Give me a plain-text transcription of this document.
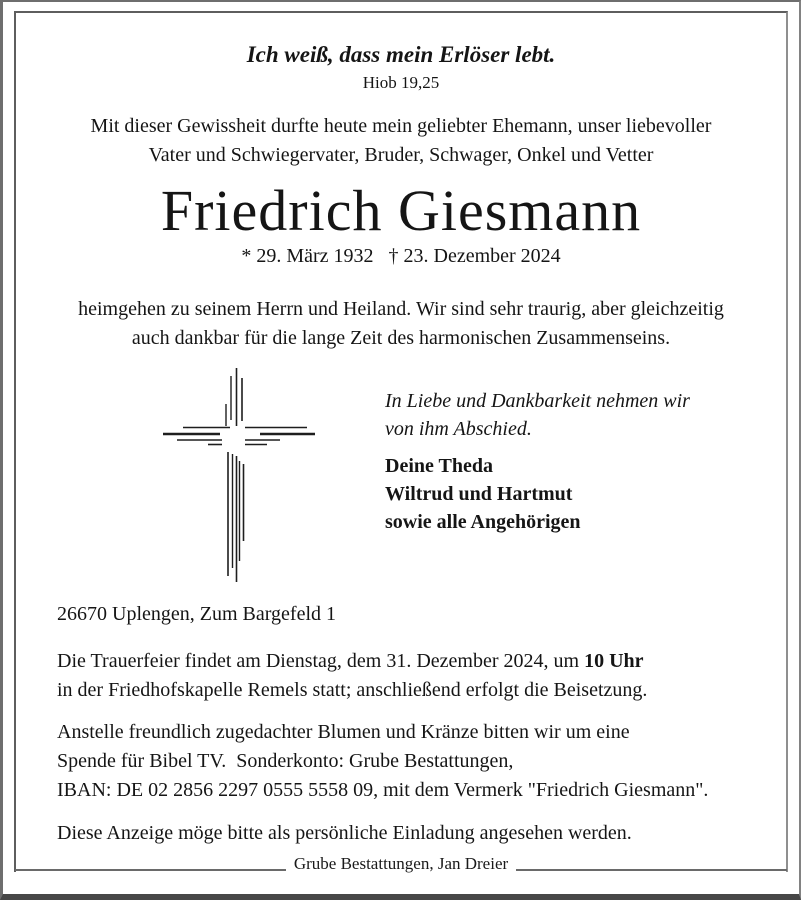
Ich weiß, dass mein Erlöser lebt.
Hiob 19,25
Mit dieser Gewissheit durfte heute mein geliebter Ehemann, unser liebevoller
Vater und Schwiegervater, Bruder, Schwager, Onkel und Vetter
Friedrich Giesmann
* 29. März 1932   † 23. Dezember 2024
heimgehen zu seinem Herrn und Heiland. Wir sind sehr traurig, aber gleichzeitig
auch dankbar für die lange Zeit des harmonischen Zusammenseins.
In Liebe und Dankbarkeit nehmen wir
von ihm Abschied.
Deine Theda
Wiltrud und Hartmut
sowie alle Angehörigen
26670 Uplengen, Zum Bargefeld 1
Die Trauerfeier findet am Dienstag, dem 31. Dezember 2024, um 10 Uhr
in der Friedhofskapelle Remels statt; anschließend erfolgt die Beisetzung.
Anstelle freundlich zugedachter Blumen und Kränze bitten wir um eine
Spende für Bibel TV.  Sonderkonto: Grube Bestattungen,
IBAN: DE 02 2856 2297 0555 5558 09, mit dem Vermerk "Friedrich Giesmann".
Diese Anzeige möge bitte als persönliche Einladung angesehen werden.
Grube Bestattungen, Jan Dreier
